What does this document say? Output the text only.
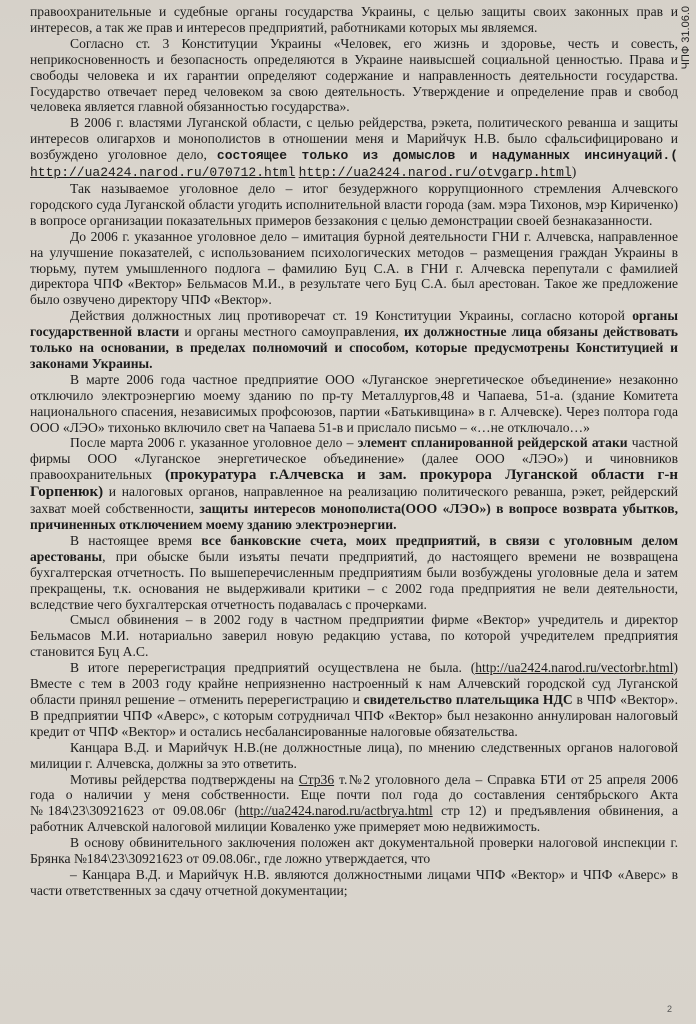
правоохранительные и судебные органы государства Украины, с целью защиты своих законных прав и интересов, а так же прав и интересов предприятий, работниками которых мы являемся.

Согласно ст. 3 Конституции Украины «Человек, его жизнь и здоровье, честь и совесть, неприкосновенность и безопасность определяются в Украине наивысшей социальной ценностью. Права и свободы человека и их гарантии определяют содержание и направленность деятельности государства. Государство отвечает перед человеком за свою деятельность. Утверждение и определение прав и свобод человека является главной обязанностью государства».

В 2006 г. властями Луганской области, с целью рейдерства, рэкета, политического реванша и защиты интересов олигархов и монополистов в отношении меня и Марийчук Н.В. было сфальсифицировано и возбуждено уголовное дело, состоящее только из домыслов и надуманных инсинуаций.( http://ua2424.narod.ru/070712.html http://ua2424.narod.ru/otvgarp.html)

Так называемое уголовное дело – итог безудержного коррупционного стремления Алчевского городского суда Луганской области угодить исполнительной власти города (зам. мэра Тихонов, мэр Кириченко) в вопросе организации показательных примеров беззакония с целью демонстрации своей безнаказанности.

До 2006 г. указанное уголовное дело – имитация бурной деятельности ГНИ г. Алчевска, направленное на улучшение показателей, с использованием психологических методов – размещения граждан Украины в тюрьму, путем умышленного подлога – фамилию Буц С.А. в ГНИ г. Алчевска перепутали с фамилией директора ЧПФ «Вектор» Бельмасов М.И., в результате чего Буц С.А. был арестован. Такое же предложение было озвучено директору ЧПФ «Вектор».

Действия должностных лиц противоречат ст. 19 Конституции Украины, согласно которой органы государственной власти и органы местного самоуправления, их должностные лица обязаны действовать только на основании, в пределах полномочий и способом, которые предусмотрены Конституцией и законами Украины.

В марте 2006 года частное предприятие ООО «Луганское энергетическое объединение» незаконно отключило электроэнергию моему зданию по пр-ту Металлургов,48 и Чапаева, 51-а. (здание Комитета национального спасения, независимых профсоюзов, партии «Батькивщина» в г. Алчевске). Через полтора года ООО «ЛЭО» тихонько включило свет на Чапаева 51-в и прислало письмо – «…не отключало…»

После марта 2006 г. указанное уголовное дело – элемент спланированной рейдерской атаки частной фирмы ООО «Луганское энергетическое объединение» (далее ООО «ЛЭО») и чиновников правоохранительных (прокуратура г.Алчевска и зам. прокурора Луганской области г-н Горпенюк) и налоговых органов, направленное на реализацию политического реванша, рэкет, рейдерский захват моей собственности, защиты интересов монополиста(ООО «ЛЭО») в вопросе возврата убытков, причиненных отключением моему зданию электроэнергии.

В настоящее время все банковские счета, моих предприятий, в связи с уголовным делом арестованы, при обыске были изъяты печати предприятий, до настоящего времени не возвращена бухгалтерская отчетность. По вышеперечисленным предприятиям были возбуждены уголовные дела и затем прекращены, т.к. основания не выдерживали критики – с 2002 года предприятия не вели деятельности, вследствие чего бухгалтерская отчетность подавалась с прочерками.

Смысл обвинения – в 2002 году в частном предприятии фирме «Вектор» учредитель и директор Бельмасов М.И. нотариально заверил новую редакцию устава, по которой учредителем предприятия становится Буц А.С.

В итоге перерегистрация предприятий осуществлена не была. (http://ua2424.narod.ru/vectorbr.html) Вместе с тем в 2003 году крайне неприязненно настроенный к нам Алчевский городской суд Луганской области принял решение – отменить перерегистрацию и свидетельство плательщика НДС в ЧПФ «Вектор». В предприятии ЧПФ «Аверс», с которым сотрудничал ЧПФ «Вектор» был незаконно аннулирован налоговый кредит от ЧПФ «Вектор» и остались несбалансированные налоговые обязательства.

Канцара В.Д. и Марийчук Н.В.(не должностные лица), по мнению следственных органов налоговой милиции г. Алчевска, должны за это ответить.

Мотивы рейдерства подтверждены на Стр36 т.№2 уголовного дела – Справка БТИ от 25 апреля 2006 года о наличии у меня собственности. Еще почти пол года до составления сентябрьского Акта №184\23\30921623 от 09.08.06г (http://ua2424.narod.ru/actbrya.html стр 12) и предъявления обвинения, а работник Алчевской налоговой милиции Коваленко уже примеряет мою недвижимость.

В основу обвинительного заключения положен акт документальной проверки налоговой инспекции г. Брянка №184\23\30921623 от 09.08.06г., где ложно утверждается, что

– Канцара В.Д. и Марийчук Н.В. являются должностными лицами ЧПФ «Вектор» и ЧПФ «Аверс» в части ответственных за сдачу отчетной документации;

ЧПФ 31.06.0
2
